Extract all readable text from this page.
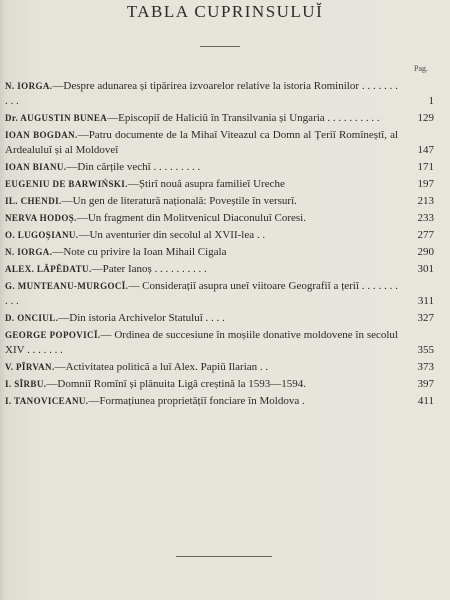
TABLA CUPRINSULUĬ
Pag.
N. IORGA.—Despre adunarea și tipărirea izvoarelor relative la istoria Rominilor . . . . . . . . . .	1
Dr. AUGUSTIN BUNEA—Episcopiĭ de Haliciŭ în Transilvania și Ungaria . . . . . . . . . .	129
IOAN BOGDAN.—Patru documente de la Mihaĭ Viteazul ca Domn al Țeriĭ Romîneștĭ, al Ardealuluĭ și al Moldoveĭ	147
IOAN BIANU.—Din cărțile vechĭ . . . . . . . . .	171
EUGENIU DE BARWIŃSKI.—Știrĭ nouă asupra familieĭ Ureche	197
IL. CHENDI.—Un gen de literatură națională: Poveștile în versurĭ.	213
NERVA HODOȘ.—Un fragment din Molitvenicul Diaconuluĭ Coresi.	233
O. LUGOȘIANU.—Un aventurier din secolul al XVII-lea . .	277
N. IORGA.—Note cu privire la Ioan Mihail Cigala	290
ALEX. LĂPĔDATU.—Pater Ianoș . . . . . . . . . .	301
G. MUNTEANU-MURGOCĬ.— Considerațiĭ asupra uneĭ viitoare Geografiĭ a țeriĭ . . . . . . . . . .	311
D. ONCIUL.—Din istoria Archivelor Statuluĭ . . . .	327
GEORGE POPOVICĬ.— Ordinea de succesiune în moșiile donative moldovene în secolul XIV . . . . . . .	355
V. PÎRVAN.—Activitatea politică a luĭ Alex. Papiŭ Ilarian . .	373
I. SÎRBU.—Domniĭ Romînĭ și plănuita Ligă creștină la 1593—1594.	397
I. TANOVICEANU.—Formațiunea proprietățiĭ fonciare în Moldova .	411
